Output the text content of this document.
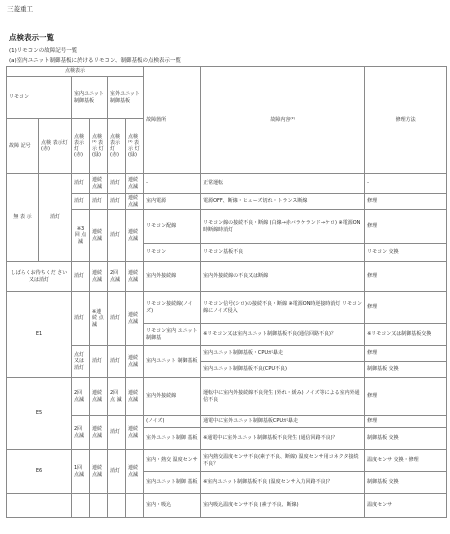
三菱重工
点検表示一覧
(1)リモコンの故障記号一覧
(a)室内ユニット制御基板に於けるリモコン、制御基板の点検表示一覧
点検表示						故障箇所	故障内容⁽²⁾	修理方法
リモコン		室内ユニット 制御基板		室外ユニット 制御基板				
故障 記号	点検 表示灯 (赤)	点検 表示 灯 (赤)	点検⁽¹⁾ 表示 灯 (緑)	点検 表示 灯 (赤)	点検⁽¹⁾ 表示 灯 (緑)			
無 表 示	消灯	消灯	連続 点滅	消灯	連続 点滅	-	正常運転	-
		消灯	消灯	消灯	連続 点滅	室内電源	電源OFF、断線・ヒューズ切れ・トランス断線	修理
		※3 回 点滅	連続 点滅	消灯	連続 点滅	リモコン配線	リモコン線の接続不良・断線 (白線→赤バラケランド→ケロ) ※電源ON時断線時消灯	修理
						リモコン	リモコン基板不良	リモコン 交換
しばらくお待ちくだ さい 又は消灯		消灯	連続 点滅	2回 点滅	連続 点滅	室内外接続線	室内外接続線の不良又は断線	修理
E1		消灯	※連続 点滅	消灯	連続 点滅	リモコン接続線(ノイズ)	リモコン信号(シロ)の接続不良・断線 ※電源ON時逆接時消灯 リモコン線にノイズ侵入	修理
						リモコン室内 ユニット制御基	※リモコン又は室内ユニット制御基板不良(通信回路不良)？	※リモコン又は制御基板交換
		点灯 又は 消灯	消灯	消灯	連続 点滅	室内ユニット 制御基板	室内ユニット制御基板・CPUが暴走	修理
							室内ユニット制御基板不良(CPU不良)	制御基板 交換
E5		2回 点滅	連続 点滅	2回点 滅	連続 点滅	室内外接続線	運転中に室内外接続線不良発生 (外れ・緩み) ノイズ等による室内外通信不良	修理
		2回 点滅	連続 点滅	消灯	連続 点滅	(ノイズ)	通電中に室外ユニット制御基板CPUが暴走	修理
						室外ユニット制御 基板	※通電中に室外ユニット制御基板不良発生 (通信回路不良)？	制御基板 交換
E6		1回 点滅	連続 点滅	消灯	連続 点滅	室内・熱交 温度センサ	室内熱交温度センサ不良(素子不良、断線) 温度センサ用コネクタ接続不良？	温度センサ 交換・修理
						室内ユニット制御 基板	※室内ユニット制御基板不良 (温度センサ入力回路不良)？	制御基板 交換
						室内・吸込	室内吸込温度センサ不良 (素子不良、断線)	温度センサ
